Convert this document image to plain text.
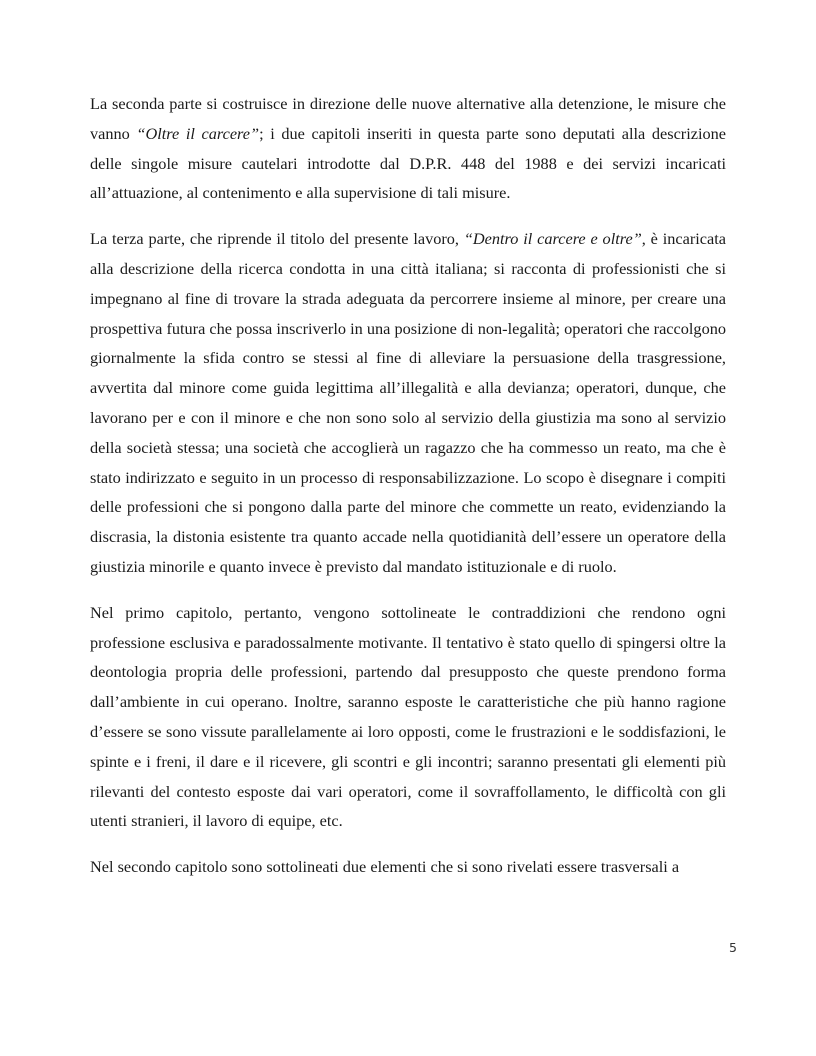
La seconda parte si costruisce in direzione delle nuove alternative alla detenzione, le misure che vanno “Oltre il carcere”; i due capitoli inseriti in questa parte sono deputati alla descrizione delle singole misure cautelari introdotte dal D.P.R. 448 del 1988 e dei servizi incaricati all’attuazione, al contenimento e alla supervisione di tali misure.

La terza parte, che riprende il titolo del presente lavoro, “Dentro il carcere e oltre”, è incaricata alla descrizione della ricerca condotta in una città italiana; si racconta di professionisti che si impegnano al fine di trovare la strada adeguata da percorrere insieme al minore, per creare una prospettiva futura che possa inscriverlo in una posizione di non-legalità; operatori che raccolgono giornalmente la sfida contro se stessi al fine di alleviare la persuasione della trasgressione, avvertita dal minore come guida legittima all’illegalità e alla devianza; operatori, dunque, che lavorano per e con il minore e che non sono solo al servizio della giustizia ma sono al servizio della società stessa; una società che accoglierà un ragazzo che ha commesso un reato, ma che è stato indirizzato e seguito in un processo di responsabilizzazione. Lo scopo è disegnare i compiti delle professioni che si pongono dalla parte del minore che commette un reato, evidenziando la discrasia, la distonia esistente tra quanto accade nella quotidianità dell’essere un operatore della giustizia minorile e quanto invece è previsto dal mandato istituzionale e di ruolo.

Nel primo capitolo, pertanto, vengono sottolineate le contraddizioni che rendono ogni professione esclusiva e paradossalmente motivante. Il tentativo è stato quello di spingersi oltre la deontologia propria delle professioni, partendo dal presupposto che queste prendono forma dall’ambiente in cui operano. Inoltre, saranno esposte le caratteristiche che più hanno ragione d’essere se sono vissute parallelamente ai loro opposti, come le frustrazioni e le soddisfazioni, le spinte e i freni, il dare e il ricevere, gli scontri e gli incontri; saranno presentati gli elementi più rilevanti del contesto esposte dai vari operatori, come il sovraffollamento, le difficoltà con gli utenti stranieri, il lavoro di equipe, etc.

Nel secondo capitolo sono sottolineati due elementi che si sono rivelati essere trasversali a

5
